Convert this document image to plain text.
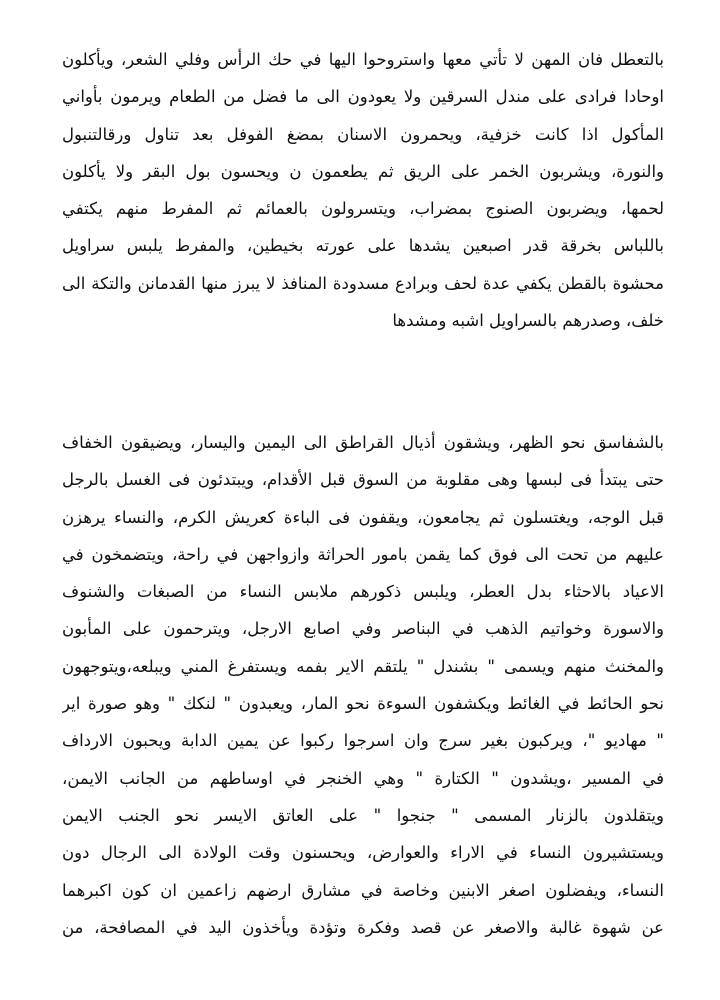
بالتعطل فان المهن لا تأتي معها واستروحوا اليها في حك الرأس وفلي الشعر، ويأكلون
اوحادا فرادى على مندل السرقين ولا يعودون الى ما فضل من الطعام ويرمون بأواني
المأكول اذا كانت خزفية، ويحمرون الاسنان بمضغ الفوفل بعد تناول ورقالتنبول
والنورة، ويشربون الخمر على الريق ثم يطعمون ن ويحسون بول البقر ولا يأكلون
لحمها، ويضربون الصنوج بمضراب، ويتسرولون بالعمائم ثم المفرط منهم يكتفي
باللباس بخرقة قدر اصبعين يشدها على عورته بخيطين، والمفرط يلبس سراويل
محشوة بالقطن يكفي عدة لحف وبرادع مسدودة المنافذ لا يبرز منها القدمانن والتكة الى
خلف، وصدرهم بالسراويل اشبه ومشدها
بالشفاسق نحو الظهر، ويشقون أذيال القراطق الى اليمين واليسار، ويضيقون الخفاف
حتى يبتدأ فى لبسها وهى مقلوبة من السوق قبل الأقدام، ويبتدئون فى الغسل بالرجل
قبل الوجه، ويغتسلون ثم يجامعون، ويقفون فى الباءة كعريش الكرم، والنساء يرهزن
عليهم من تحت الى فوق كما يقمن بامور الحراثة وازواجهن في راحة، ويتضمخون في
الاعياد بالاحثاء بدل العطر، ويلبس ذكورهم ملابس النساء من الصبغات والشنوف
والاسورة وخواتيم الذهب في البناصر وفي اصابع الارجل، ويترحمون على المأبون
والمخنث منهم ويسمى " بشندل " يلتقم الاير بفمه ويستفرغ المني ويبلعه،ويتوجهون
نحو الحائط في الغائط ويكشفون السوءة نحو المار، ويعبدون " لنكك " وهو صورة اير
" مهاديو "، ويركبون بغير سرج وان اسرجوا ركبوا عن يمين الدابة ويحبون الارداف
في المسير ،ويشدون " الكتارة " وهي الخنجر في اوساطهم من الجانب الايمن،
ويتقلدون بالزنار المسمى " جنجوا " على العاتق الايسر نحو الجنب الايمن
ويستشيرون النساء في الاراء والعوارض، ويحسنون وقت الولادة الى الرجال دون
النساء، ويفضلون اصغر الابنين وخاصة في مشارق ارضهم زاعمين ان كون اكبرهما
عن شهوة غالبة والاصغر عن قصد وفكرة وتؤدة ويأخذون اليد في المصافحة، من
